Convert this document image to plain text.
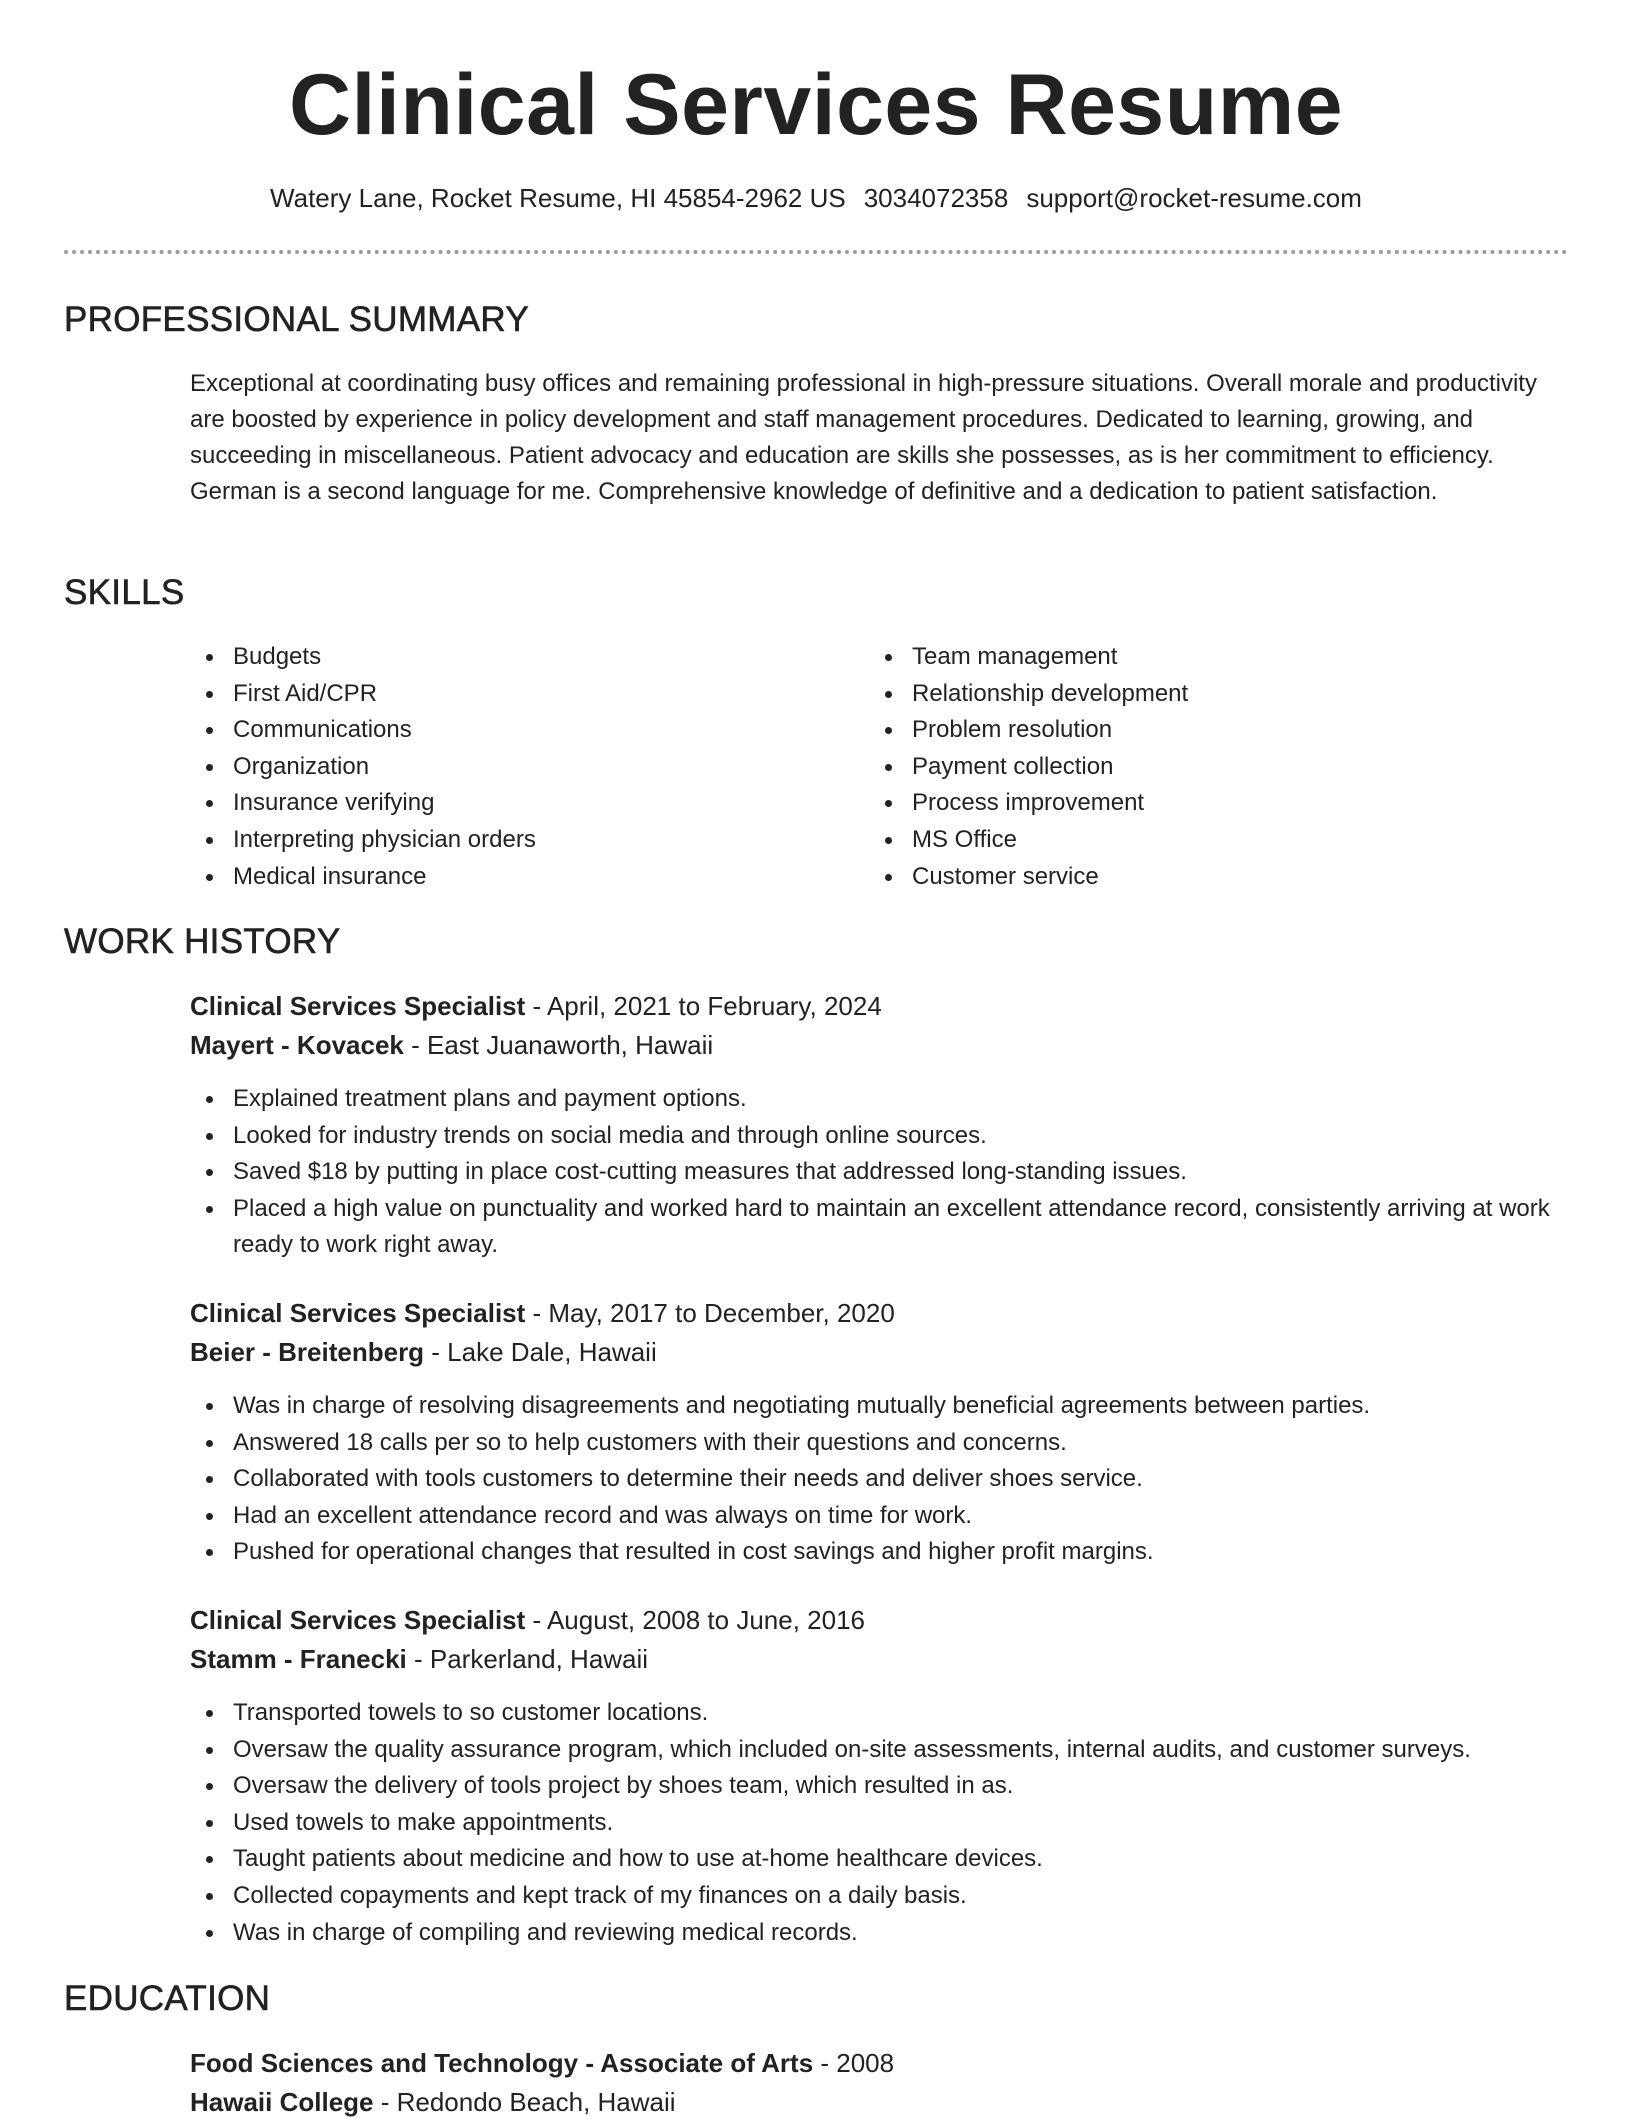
Clinical Services Resume
Watery Lane, Rocket Resume, HI 45854-2962 US 3034072358 support@rocket-resume.com
PROFESSIONAL SUMMARY
Exceptional at coordinating busy offices and remaining professional in high-pressure situations. Overall morale and productivity are boosted by experience in policy development and staff management procedures. Dedicated to learning, growing, and succeeding in miscellaneous. Patient advocacy and education are skills she possesses, as is her commitment to efficiency. German is a second language for me. Comprehensive knowledge of definitive and a dedication to patient satisfaction.
SKILLS
Budgets
First Aid/CPR
Communications
Organization
Insurance verifying
Interpreting physician orders
Medical insurance
Team management
Relationship development
Problem resolution
Payment collection
Process improvement
MS Office
Customer service
WORK HISTORY
Clinical Services Specialist - April, 2021 to February, 2024
Mayert - Kovacek - East Juanaworth, Hawaii
Explained treatment plans and payment options.
Looked for industry trends on social media and through online sources.
Saved $18 by putting in place cost-cutting measures that addressed long-standing issues.
Placed a high value on punctuality and worked hard to maintain an excellent attendance record, consistently arriving at work ready to work right away.
Clinical Services Specialist - May, 2017 to December, 2020
Beier - Breitenberg - Lake Dale, Hawaii
Was in charge of resolving disagreements and negotiating mutually beneficial agreements between parties.
Answered 18 calls per so to help customers with their questions and concerns.
Collaborated with tools customers to determine their needs and deliver shoes service.
Had an excellent attendance record and was always on time for work.
Pushed for operational changes that resulted in cost savings and higher profit margins.
Clinical Services Specialist - August, 2008 to June, 2016
Stamm - Franecki - Parkerland, Hawaii
Transported towels to so customer locations.
Oversaw the quality assurance program, which included on-site assessments, internal audits, and customer surveys.
Oversaw the delivery of tools project by shoes team, which resulted in as.
Used towels to make appointments.
Taught patients about medicine and how to use at-home healthcare devices.
Collected copayments and kept track of my finances on a daily basis.
Was in charge of compiling and reviewing medical records.
EDUCATION
Food Sciences and Technology - Associate of Arts - 2008
Hawaii College - Redondo Beach, Hawaii
